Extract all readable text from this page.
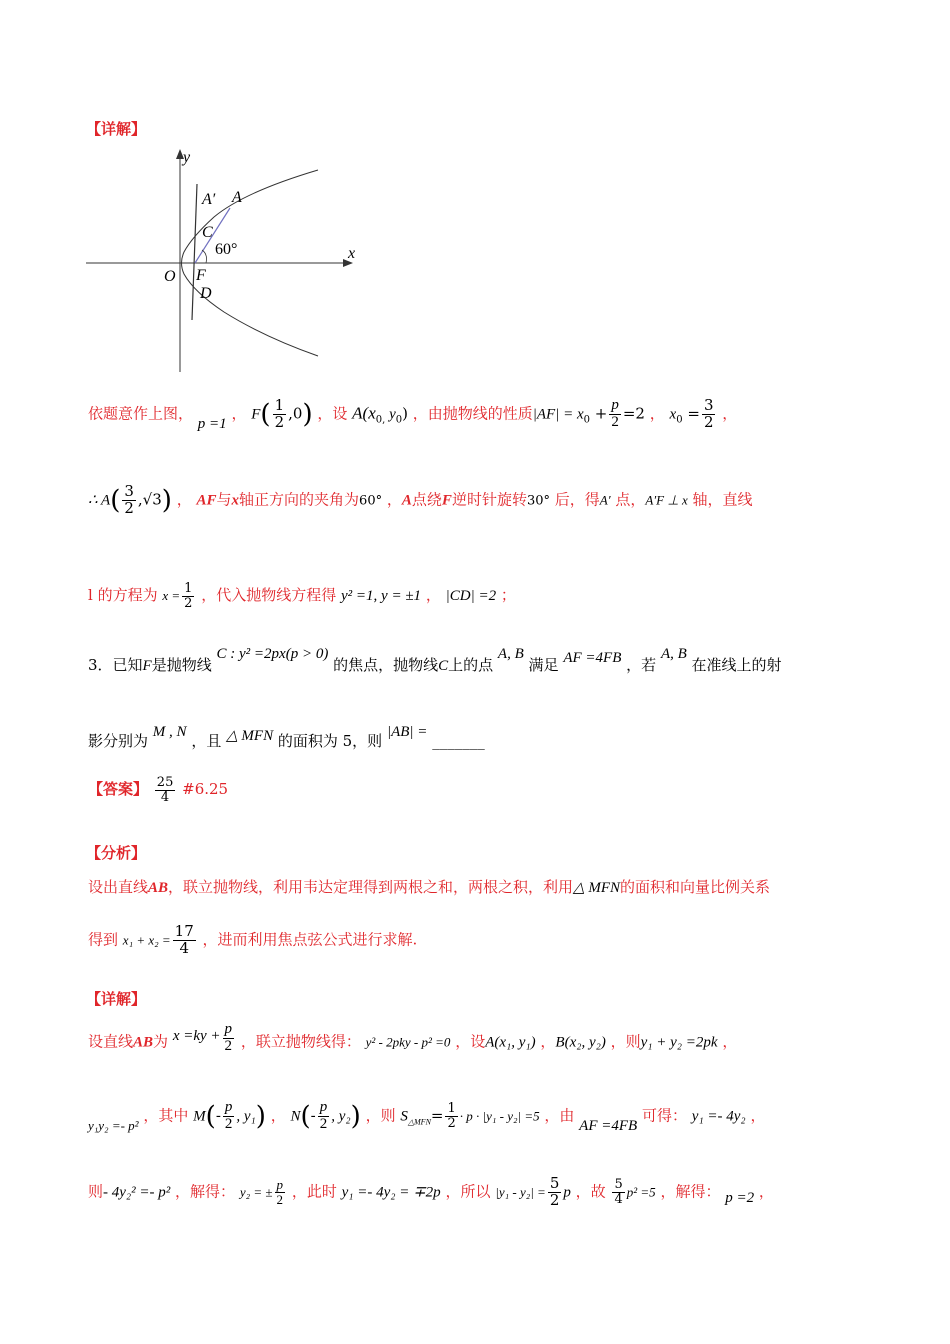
【详解】
y
x
O F
A
A′
C
D
60°
依题意作上图， p =1 ， $F( \frac{1}{2} ,0)$ ，设 $A(x_{0,}$ $y_0$) ，由抛物线的性质$|AF| = x_0 + \frac{p}{2} =2$ ， $x_0 = \frac{3}{2}$ ，
∴ $A( \frac{3}{2} ,√3)$ ， AF与x轴正方向的夹角为60° ，A点绕F逆时针旋转30° 后，得A′ 点，A′F ⊥ x 轴，直线
l 的方程为 $x = \frac{1}{2}$ ，代入抛物线方程得 y² =1, y = ±1 ， |CD| =2 ；
3．已知F是抛物线 C : y² =2px(p > 0) 的焦点，抛物线C上的点 A, B 满足 AF =4FB ，若 A, B 在准线上的射
影分别为 M , N ，且 △ MFN 的面积为 5，则 |AB| = _______
【答案】 $\frac{25}{4}$ #6.25
【分析】
设出直线AB，联立抛物线，利用韦达定理得到两根之和，两根之积，利用△ MFN的面积和向量比例关系
得到 $x_1 + x_2 = \frac{17}{4}$ ，进而利用焦点弦公式进行求解.
【详解】
设直线AB为 $x =ky + \frac{p}{2}$ ，联立抛物线得： y² - 2pky - p² =0 ，设A(x₁, y₁) ，B(x₂, y₂) ，则y₁ + y₂ =2pk ，
y₁y₂ =- p² ，其中 $M(- \frac{p}{2}$ , y₁) ， $N(- \frac{p}{2}$ , y₂) ，则 $S_{\triangle MFN}= \frac{1}{2} \cdot p \cdot |y_1 - y_2| =5$ ，由 AF =4FB 可得： y₁ =- 4y₂ ，
则- 4y₂² =- p² ，解得： y₂ = ± $\frac{p}{2}$ ，此时 y₁ =- 4y₂ = ∓2p ，所以 $|y_1 - y_2| = \frac{5}{2}$ p ，故 $\frac{5}{4} p^2 =5$ ，解得： p =2 ，
